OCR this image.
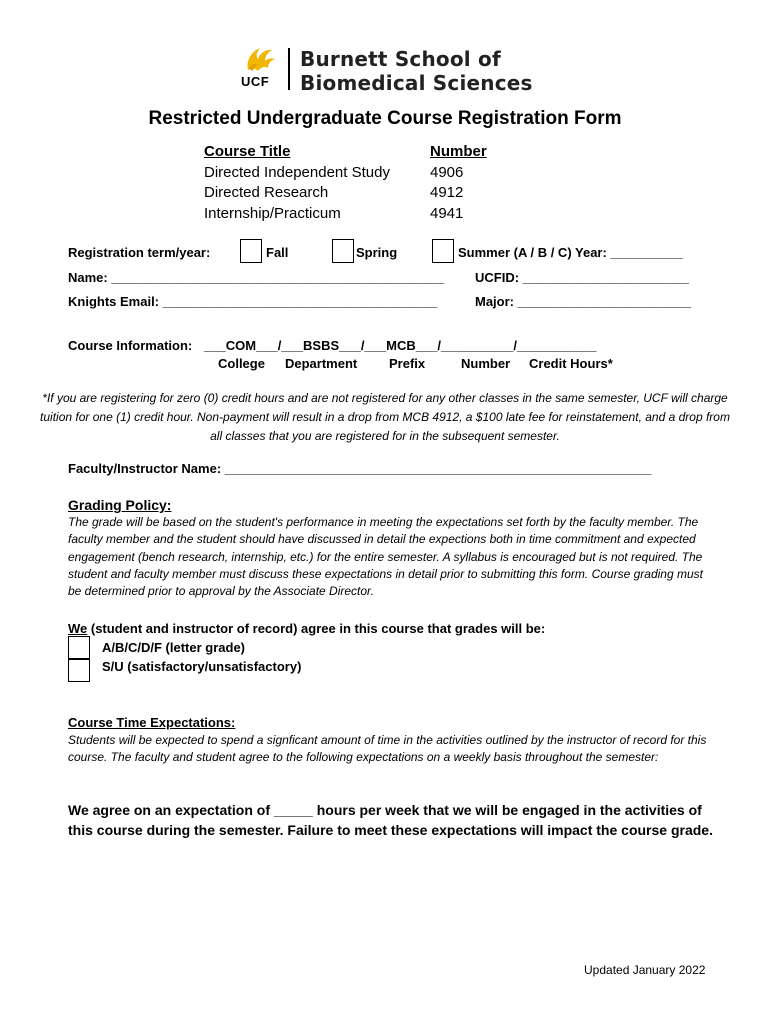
UCF
Burnett School of
Biomedical Sciences
Restricted Undergraduate Course Registration Form
Course Title	Number
Directed Independent Study	4906
Directed Research	4912
Internship/Practicum	4941
Registration term/year:	Fall	Spring	Summer (A / B / C) Year: __________
Name: ______________________________________________ UCFID: _______________________
Knights Email: ______________________________________	Major: ________________________
Course Information: ___COM___/___BSBS___/___MCB___/__________/___________
College Department Prefix	Number Credit Hours*
*If you are registering for zero (0) credit hours and are not registered for any other classes in the same semester, UCF will charge tuition for one (1) credit hour. Non-payment will result in a drop from MCB 4912, a $100 late fee for reinstatement, and a drop from all classes that you are registered for in the subsequent semester.
Faculty/Instructor Name: ___________________________________________________________
Grading Policy:
The grade will be based on the student's performance in meeting the expectations set forth by the faculty member. The faculty member and the student should have discussed in detail the expections both in time commitment and expected engagement (bench research, internship, etc.) for the entire semester. A syllabus is encouraged but is not required. The student and faculty member must discuss these expectations in detail prior to submitting this form. Course grading must be determined prior to approval by the Associate Director.
We (student and instructor of record) agree in this course that grades will be:
A/B/C/D/F (letter grade)
S/U (satisfactory/unsatisfactory)
Course Time Expectations:
Students will be expected to spend a signficant amount of time in the activities outlined by the instructor of record for this course. The faculty and student agree to the following expectations on a weekly basis throughout the semester:
We agree on an expectation of _____ hours per week that we will be engaged in the activities of this course during the semester. Failure to meet these expectations will impact the course grade.
Updated January 2022
